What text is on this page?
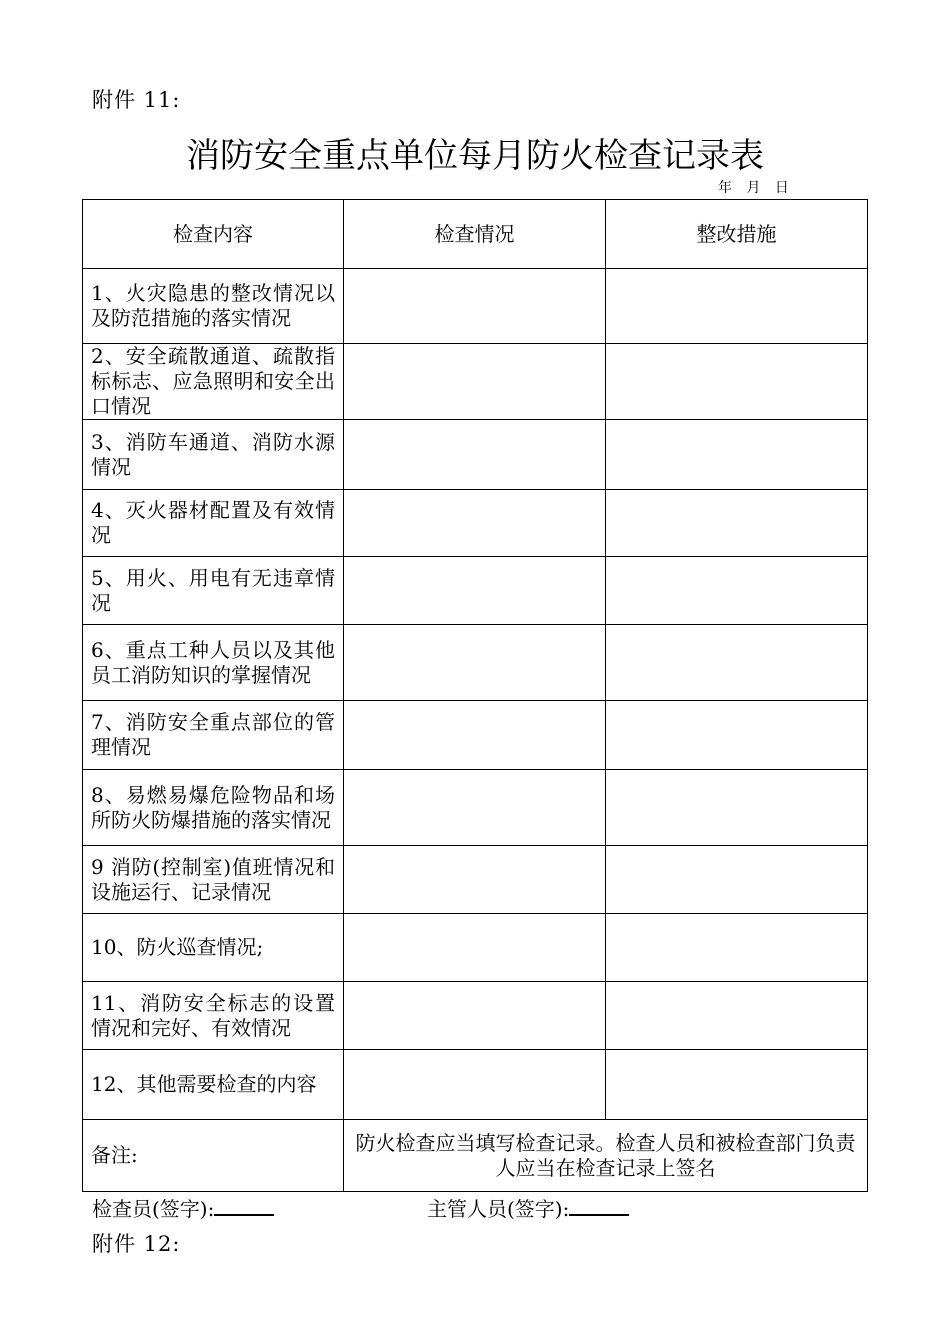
附件 11:
消防安全重点单位每月防火检查记录表
年 月 日
检查内容	检查情况	整改措施
1、火灾隐患的整改情况以及防范措施的落实情况		
2、安全疏散通道、疏散指标标志、应急照明和安全出口情况		
3、消防车通道、消防水源情况		
4、灭火器材配置及有效情况		
5、用火、用电有无违章情况		
6、重点工种人员以及其他员工消防知识的掌握情况		
7、消防安全重点部位的管理情况		
8、易燃易爆危险物品和场所防火防爆措施的落实情况		
9 消防(控制室)值班情况和设施运行、记录情况		
10、防火巡查情况;		
11、消防安全标志的设置情况和完好、有效情况		
12、其他需要检查的内容		
备注:	防火检查应当填写检查记录。检查人员和被检查部门负责人应当在检查记录上签名	
检查员(签字):	主管人员(签字):
附件 12:
